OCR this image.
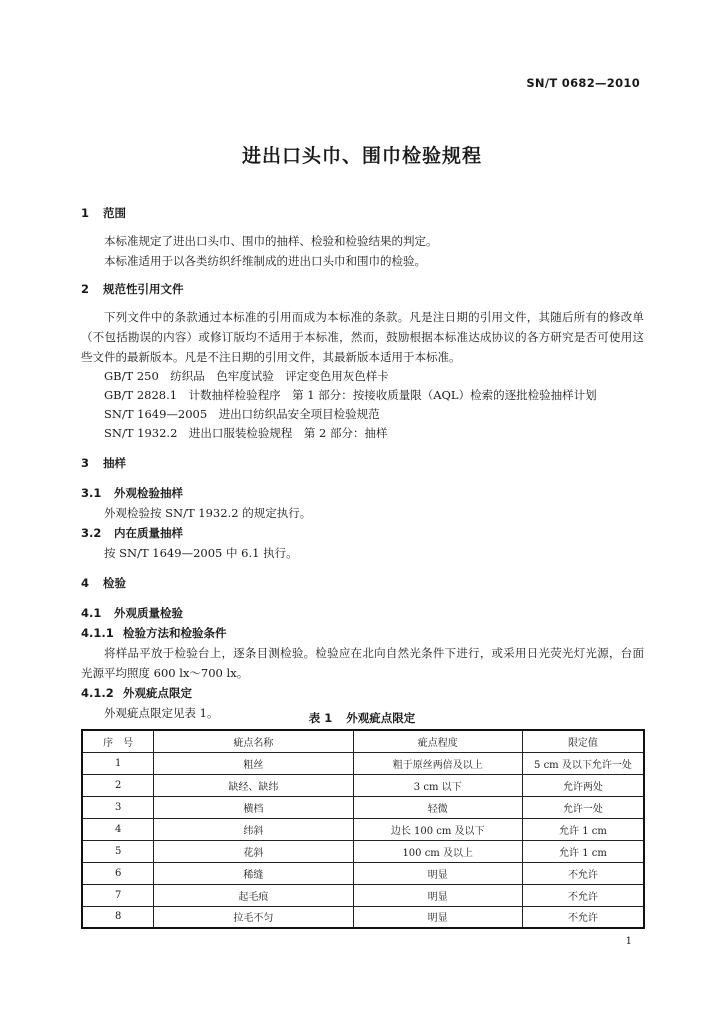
SN/T 0682—2010
进出口头巾、围巾检验规程
1 范围
本标准规定了进出口头巾、围巾的抽样、检验和检验结果的判定。
本标准适用于以各类纺织纤维制成的进出口头巾和围巾的检验。
2 规范性引用文件
下列文件中的条款通过本标准的引用而成为本标准的条款。凡是注日期的引用文件，其随后所有的修改单（不包括勘误的内容）或修订版均不适用于本标准，然而，鼓励根据本标准达成协议的各方研究是否可使用这些文件的最新版本。凡是不注日期的引用文件，其最新版本适用于本标准。
GB/T 250　 纺织品　色牢度试验　评定变色用灰色样卡
GB/T 2828.1　 计数抽样检验程序　第 1 部分：按接收质量限（AQL）检索的逐批检验抽样计划
SN/T 1649—2005　 进出口纺织品安全项目检验规范
SN/T 1932.2　 进出口服装检验规程　第 2 部分：抽样
3 抽样
3.1 外观检验抽样
外观检验按 SN/T 1932.2 的规定执行。
3.2 内在质量抽样
按 SN/T 1649—2005 中 6.1 执行。
4 检验
4.1 外观质量检验
4.1.1 检验方法和检验条件
将样品平放于检验台上，逐条目测检验。检验应在北向自然光条件下进行，或采用日光荧光灯光源，台面光源平均照度 600 lx～700 lx。
4.1.2 外观疵点限定
外观疵点限定见表 1。	表 1 外观疵点限定
序　号	疵点名称	疵点程度	限定值
1	粗丝	粗于原丝两倍及以上	5 cm 及以下允许一处
2	缺经、缺纬	3 cm 以下	允许两处
3	横档	轻微	允许一处
4	纬斜	边长 100 cm 及以下	允许 1 cm
5	花斜	100 cm 及以上	允许 1 cm
6	稀缝	明显	不允许
7	起毛痕	明显	不允许
8	拉毛不匀	明显	不允许
1
